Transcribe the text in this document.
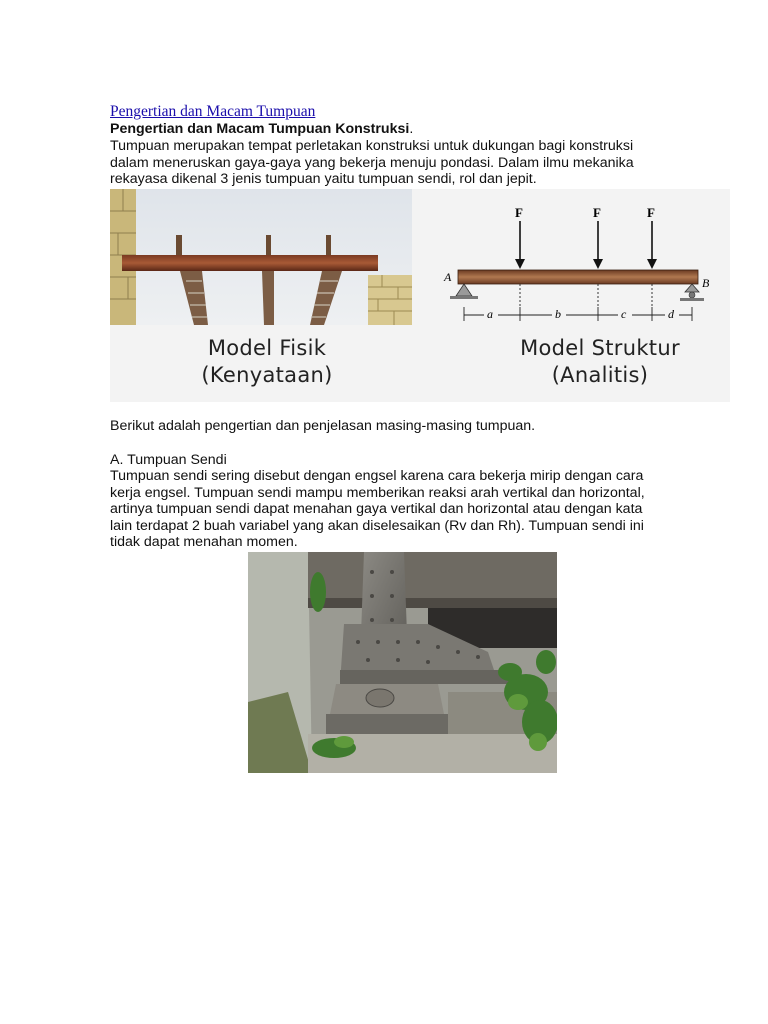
Pengertian dan Macam Tumpuan

Pengertian dan Macam Tumpuan Konstruksi.

Tumpuan merupakan tempat perletakan konstruksi untuk dukungan bagi konstruksi

dalam meneruskan gaya-gaya yang bekerja menuju pondasi. Dalam ilmu mekanika

rekayasa dikenal 3 jenis tumpuan yaitu tumpuan sendi, rol dan jepit.

F	F	F
A	B
a	b	c	d
Model Fisik
(Kenyataan)
Model Struktur
(Analitis)

Berikut adalah pengertian dan penjelasan masing-masing tumpuan.

A. Tumpuan Sendi

Tumpuan sendi sering disebut dengan engsel karena cara bekerja mirip dengan cara

kerja engsel. Tumpuan sendi mampu memberikan reaksi arah vertikal dan horizontal,

artinya tumpuan sendi dapat menahan gaya vertikal dan horizontal atau dengan kata

lain terdapat 2 buah variabel yang akan diselesaikan (Rv dan Rh). Tumpuan sendi ini

tidak dapat menahan momen.
